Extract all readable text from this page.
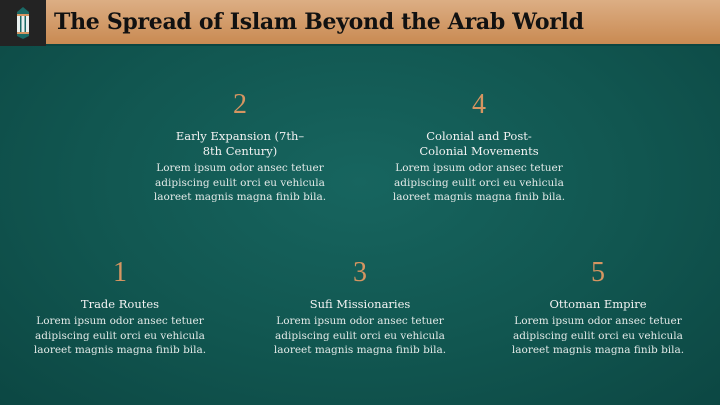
The Spread of Islam Beyond the Arab World
1
Trade Routes
Lorem ipsum odor ansec tetuer adipiscing eulit orci eu vehicula laoreet magnis magna finib bila.
2
Early Expansion (7th–8th Century)
Lorem ipsum odor ansec tetuer adipiscing eulit orci eu vehicula laoreet magnis magna finib bila.
3
Sufi Missionaries
Lorem ipsum odor ansec tetuer adipiscing eulit orci eu vehicula laoreet magnis magna finib bila.
4
Colonial and Post-Colonial Movements
Lorem ipsum odor ansec tetuer adipiscing eulit orci eu vehicula laoreet magnis magna finib bila.
5
Ottoman Empire
Lorem ipsum odor ansec tetuer adipiscing eulit orci eu vehicula laoreet magnis magna finib bila.
